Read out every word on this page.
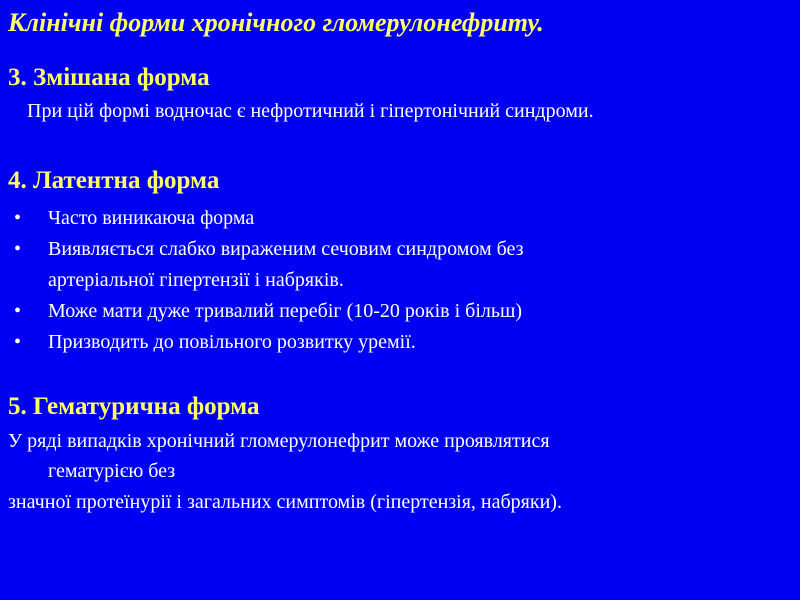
Клінічні форми хронічного гломерулонефриту.
3. Змішана форма
При цій формі водночас є нефротичний і гіпертонічний синдроми.
4. Латентна форма
• Часто виникаюча форма
• Виявляється слабко вираженим сечовим синдромом без
артеріальної гіпертензії і набряків.
• Може мати дуже тривалий перебіг (10-20 років і більш)
• Призводить до повільного розвитку уремії.
5. Гематурична форма
У ряді випадків хронічний гломерулонефрит може проявлятися
гематурією без
значної протеїнурії і загальних симптомів (гіпертензія, набряки).
